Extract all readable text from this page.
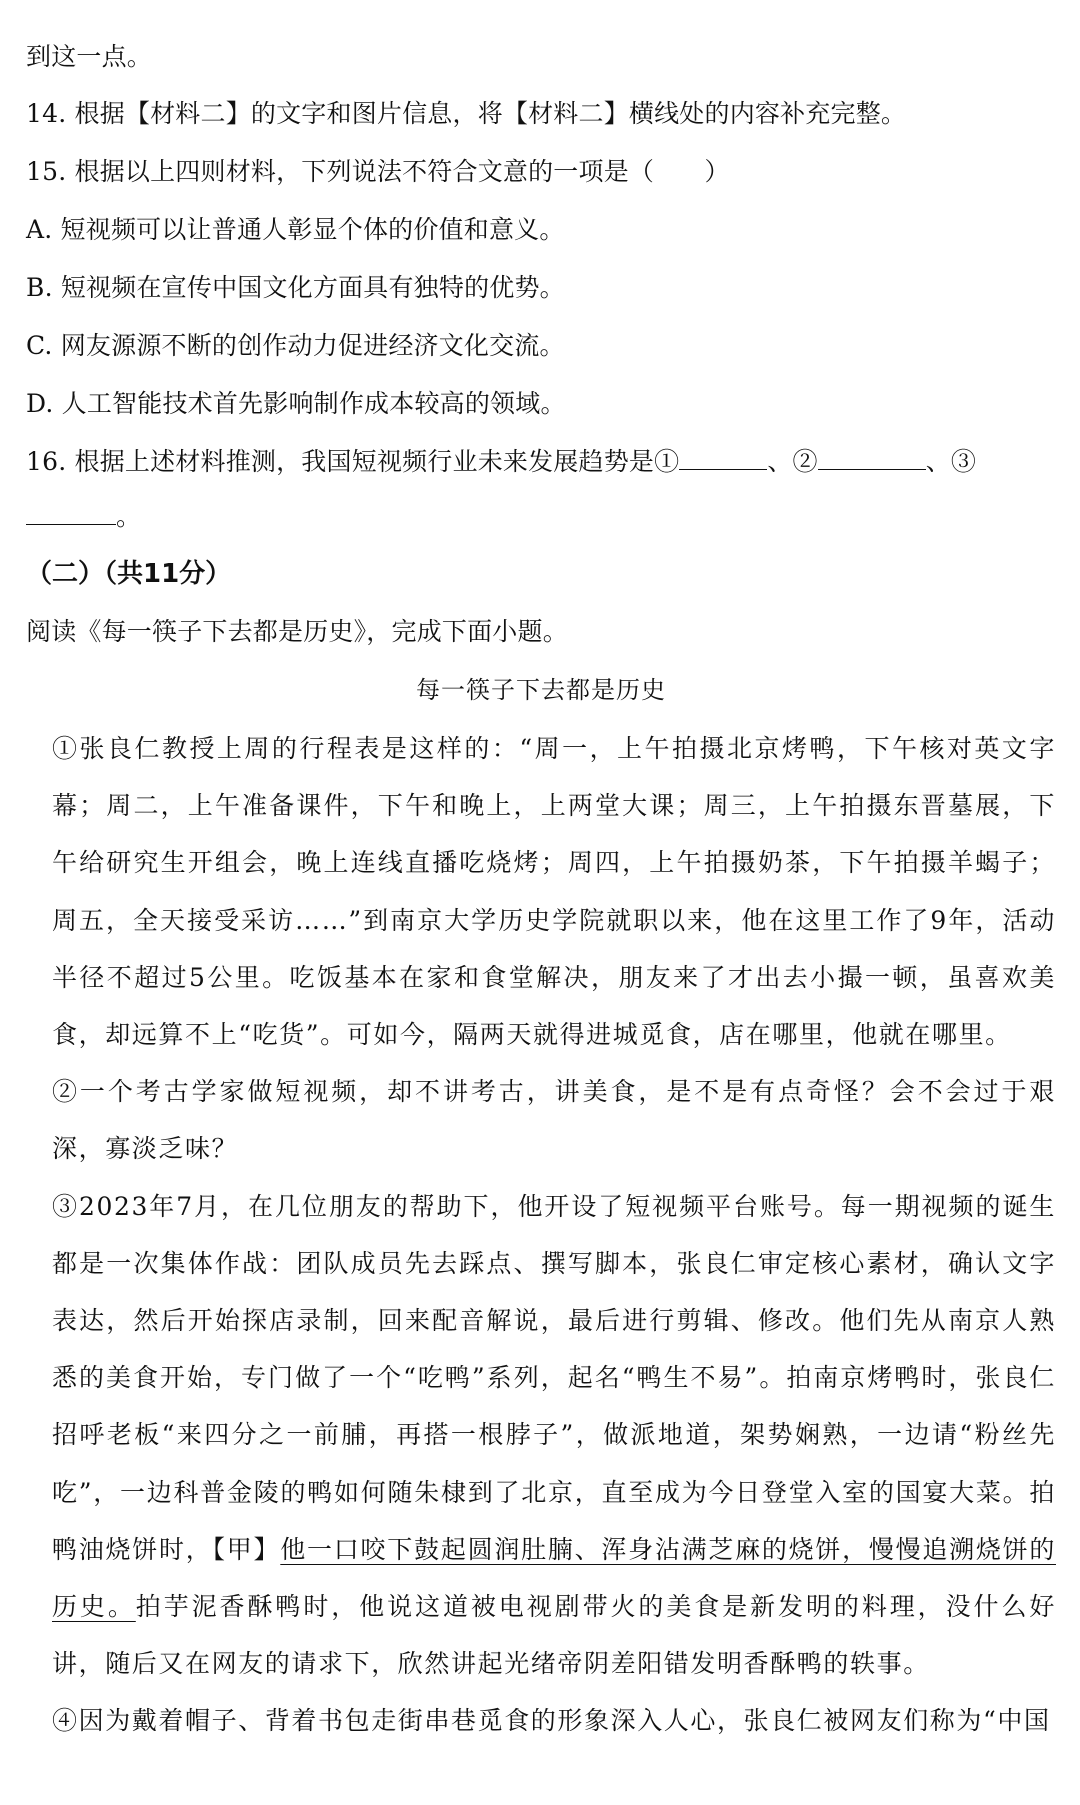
到这一点。
14. 根据【材料二】的文字和图片信息，将【材料二】横线处的内容补充完整。
15. 根据以上四则材料，下列说法不符合文意的一项是（　　）
A. 短视频可以让普通人彰显个体的价值和意义。
B. 短视频在宣传中国文化方面具有独特的优势。
C. 网友源源不断的创作动力促进经济文化交流。
D. 人工智能技术首先影响制作成本较高的领域。
16. 根据上述材料推测，我国短视频行业未来发展趋势是①	、②	、③
。
（二）（共11分）
阅读《每一筷子下去都是历史》，完成下面小题。
每一筷子下去都是历史

①张良仁教授上周的行程表是这样的：“周一，上午拍摄北京烤鸭，下午核对英文字幕；周二，上午准备课件，下午和晚上，上两堂大课；周三，上午拍摄东晋墓展，下午给研究生开组会，晚上连线直播吃烧烤；周四，上午拍摄奶茶，下午拍摄羊蝎子；周五，全天接受采访……”到南京大学历史学院就职以来，他在这里工作了9年，活动半径不超过5公里。吃饭基本在家和食堂解决，朋友来了才出去小撮一顿，虽喜欢美食，却远算不上“吃货”。可如今，隔两天就得进城觅食，店在哪里，他就在哪里。

②一个考古学家做短视频，却不讲考古，讲美食，是不是有点奇怪？会不会过于艰深，寡淡乏味？

③2023年7月，在几位朋友的帮助下，他开设了短视频平台账号。每一期视频的诞生都是一次集体作战：团队成员先去踩点、撰写脚本，张良仁审定核心素材，确认文字表达，然后开始探店录制，回来配音解说，最后进行剪辑、修改。他们先从南京人熟悉的美食开始，专门做了一个“吃鸭”系列，起名“鸭生不易”。拍南京烤鸭时，张良仁招呼老板“来四分之一前脯，再搭一根脖子”，做派地道，架势娴熟，一边请“粉丝先吃”，一边科普金陵的鸭如何随朱棣到了北京，直至成为今日登堂入室的国宴大菜。拍鸭油烧饼时，【甲】他一口咬下鼓起圆润肚腩、浑身沾满芝麻的烧饼，慢慢追溯烧饼的历史。拍芋泥香酥鸭时，他说这道被电视剧带火的美食是新发明的料理，没什么好讲，随后又在网友的请求下，欣然讲起光绪帝阴差阳错发明香酥鸭的轶事。

④因为戴着帽子、背着书包走街串巷觅食的形象深入人心，张良仁被网友们称为“中国
